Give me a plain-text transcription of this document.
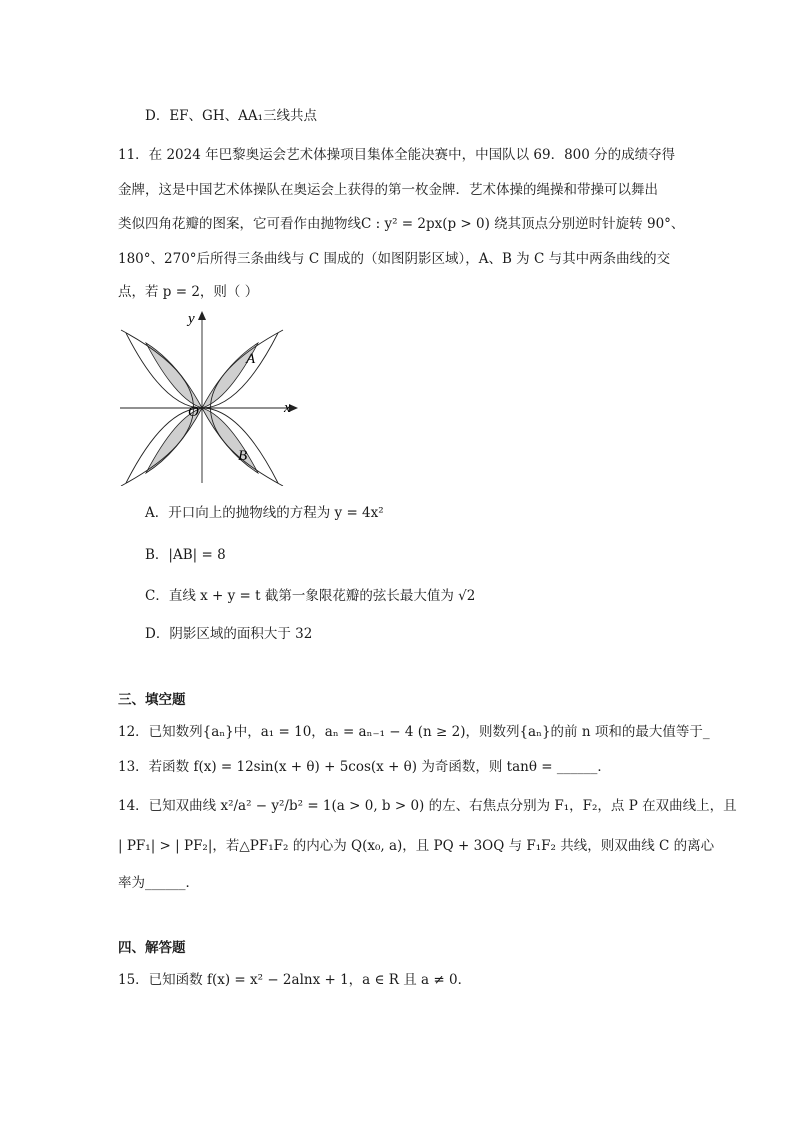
D．EF、GH、AA₁三线共点
11．在 2024 年巴黎奥运会艺术体操项目集体全能决赛中，中国队以 69．800 分的成绩夺得
金牌，这是中国艺术体操队在奥运会上获得的第一枚金牌．艺术体操的绳操和带操可以舞出
类似四角花瓣的图案，它可看作由抛物线C : y² = 2px(p > 0) 绕其顶点分别逆时针旋转 90°、
180°、270°后所得三条曲线与 C 围成的（如图阴影区域），A、B 为 C 与其中两条曲线的交
点，若 p = 2，则（ ）
x
y
O
A
B
A．开口向上的抛物线的方程为 y = 4x²
B．|AB| = 8
C．直线 x + y = t 截第一象限花瓣的弦长最大值为 √2
D．阴影区域的面积大于 32
三、填空题
12．已知数列{aₙ}中，a₁ = 10，aₙ = aₙ₋₁ − 4 (n ≥ 2)，则数列{aₙ}的前 n 项和的最大值等于_
13．若函数 f(x) = 12sin(x + θ) + 5cos(x + θ) 为奇函数，则 tanθ = ______．
14．已知双曲线 x²/a² − y²/b² = 1(a > 0, b > 0) 的左、右焦点分别为 F₁，F₂，点 P 在双曲线上，且
| PF₁| > | PF₂|，若△PF₁F₂ 的内心为 Q(x₀, a)，且 PQ + 3OQ 与 F₁F₂ 共线，则双曲线 C 的离心
率为______．
四、解答题
15．已知函数 f(x) = x² − 2alnx + 1，a ∈ R 且 a ≠ 0．
